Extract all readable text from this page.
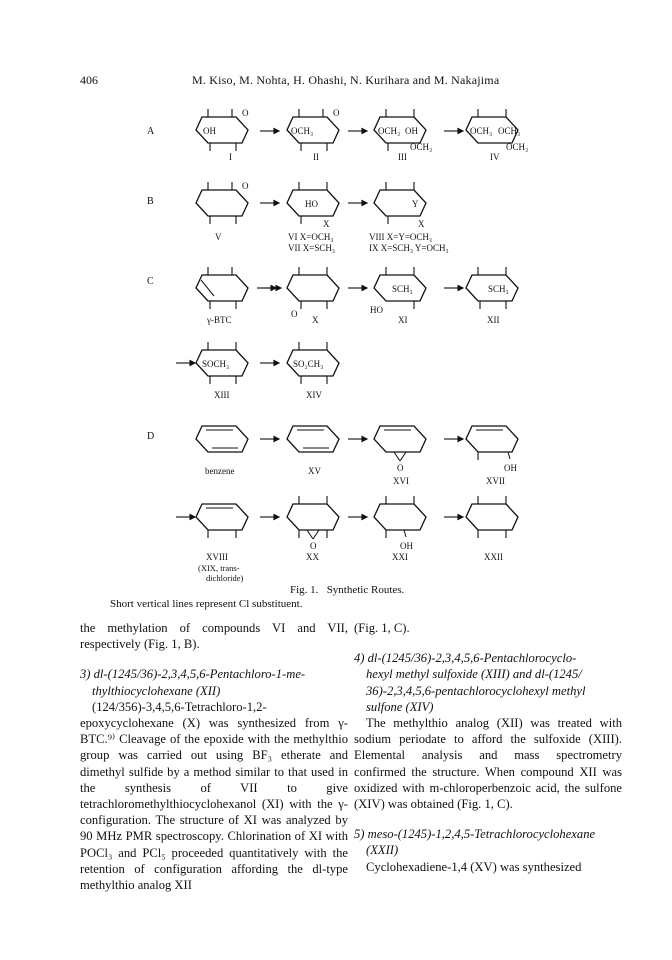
406	M. Kiso, M. Nohta, H. Ohashi, N. Kurihara and M. Nakajima
A
B
C
D
OH
O
OCH₃
O
OCH₃ OH
OCH₃
OCH₃ OCH₃
OCH₃
I	II	III	IV
O
HO
X
Y
X
V	VI X=OCH₃
VII X=SCH₃
VIII X=Y=OCH₃
IX X=SCH₃ Y=OCH₃
O
SCH₃
HO
SCH₃
γ-BTC	X	XI	XII
SOCH₃	SO₂CH₃
XIII	XIV
O	OH
benzene	XV
XVI	XVII
O	OH
XVIII
(XIX, trans-
dichloride)
XX	XXI	XXII
Fig. 1. Synthetic Routes.
Short vertical lines represent Cl substituent.

the methylation of compounds VI and VII, respectively (Fig. 1, B).

3) dl-(1245/36)-2,3,4,5,6-Pentachloro-1-me-

thylthiocyclohexane (XII)

(124/356)-3,4,5,6-Tetrachloro-1,2-epoxycyclohexane (X) was synthesized from γ-BTC.⁹⁾ Cleavage of the epoxide with the methylthio group was carried out using BF₃ etherate and dimethyl sulfide by a method similar to that used in the synthesis of VII to give tetrachloromethylthiocyclohexanol (XI) with the γ-configuration. The structure of XI was analyzed by 90 MHz PMR spectroscopy. Chlorination of XI with POCl₃ and PCl₅ proceeded quantitatively with the retention of configuration affording the dl-type methylthio analog XII

(Fig. 1, C).

4) dl-(1245/36)-2,3,4,5,6-Pentachlorocyclo-

hexyl methyl sulfoxide (XIII) and dl-(1245/

36)-2,3,4,5,6-pentachlorocyclohexyl methyl

sulfone (XIV)

The methylthio analog (XII) was treated with sodium periodate to afford the sulfoxide (XIII). Elemental analysis and mass spectrometry confirmed the structure. When compound XII was oxidized with m-chloroperbenzoic acid, the sulfone (XIV) was obtained (Fig. 1, C).

5) meso-(1245)-1,2,4,5-Tetrachlorocyclohexane

(XXII)

Cyclohexadiene-1,4 (XV) was synthesized
